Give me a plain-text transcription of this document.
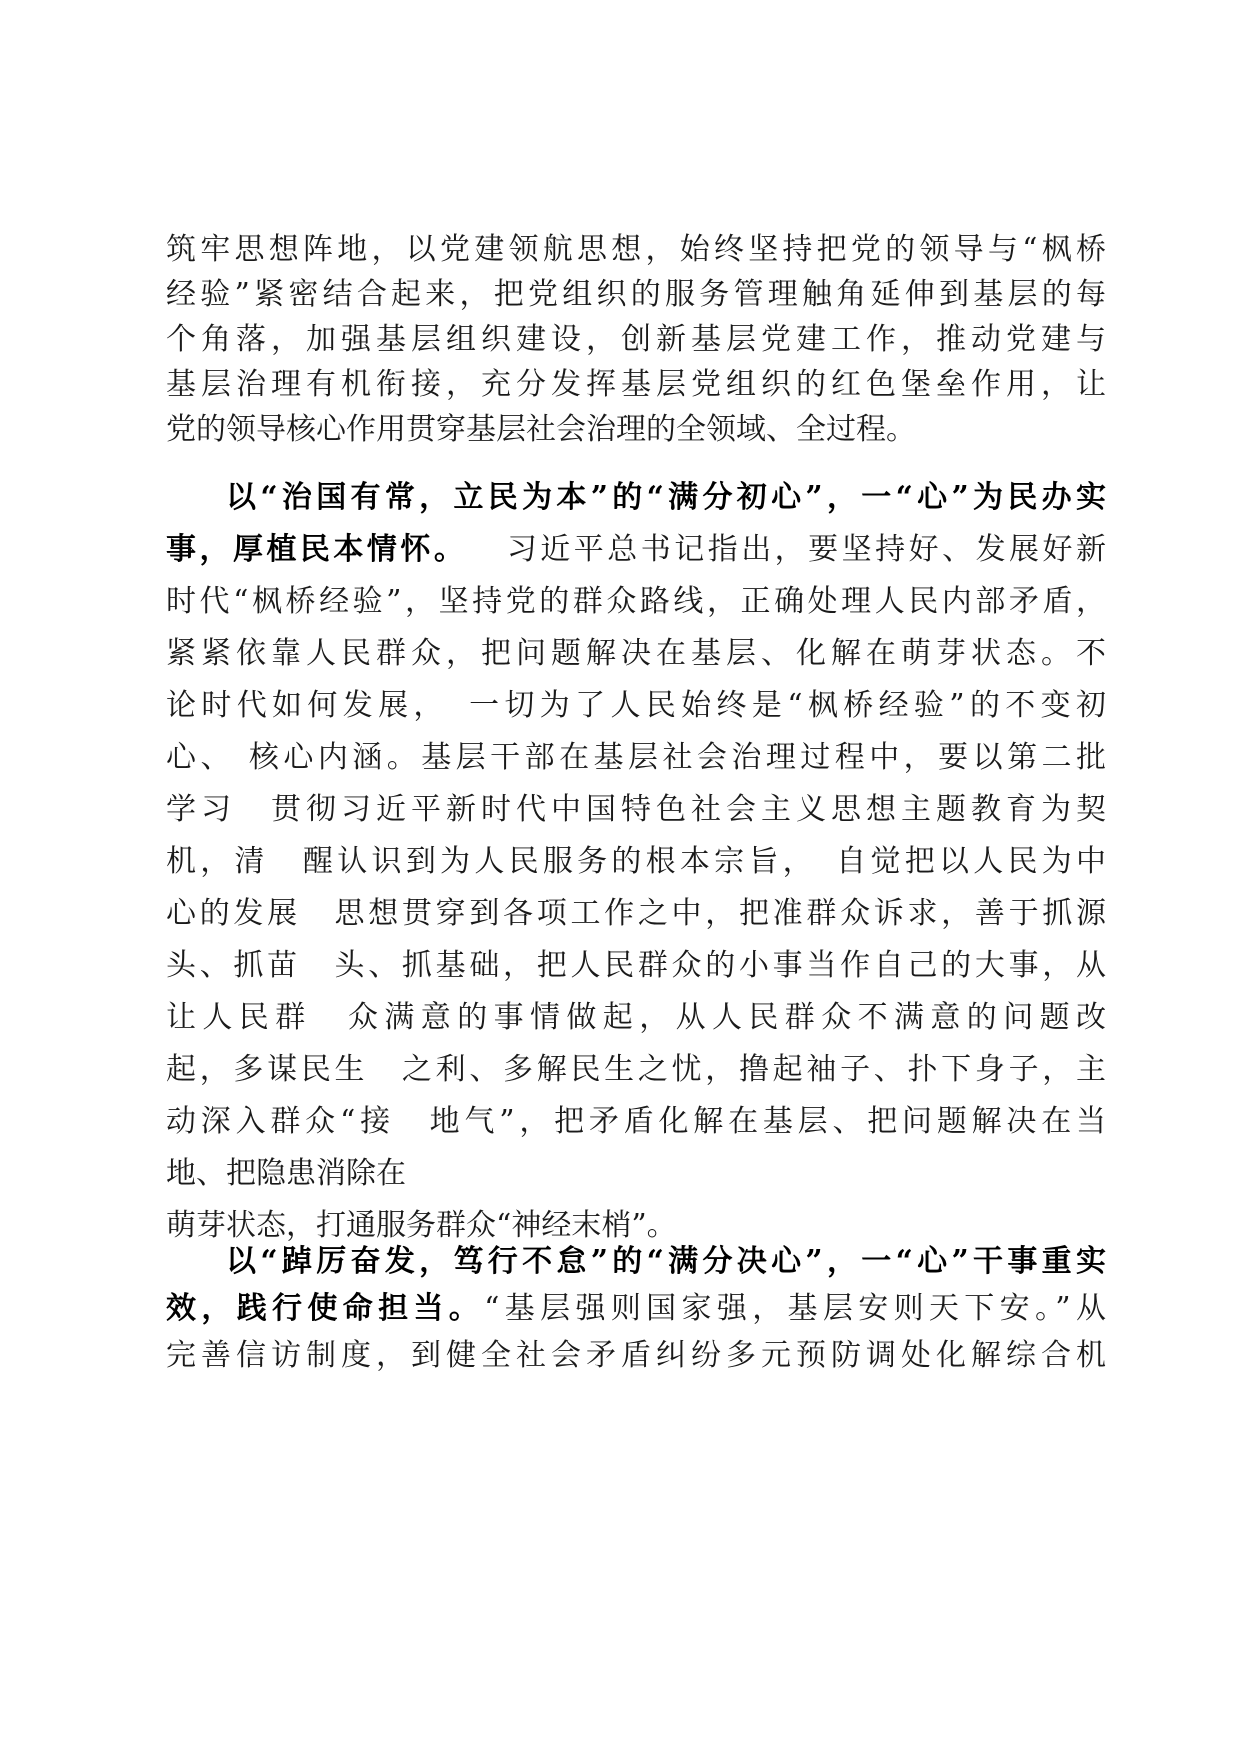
筑牢思想阵地，以党建领航思想，始终坚持把党的领导与“枫桥
经验”紧密结合起来，把党组织的服务管理触角延伸到基层的每
个角落，加强基层组织建设，创新基层党建工作，推动党建与
基层治理有机衔接，充分发挥基层党组织的红色堡垒作用，让
党的领导核心作用贯穿基层社会治理的全领域、全过程。
以“治国有常，立民为本”的“满分初心”，一“心”为民办实
事，厚植民本情怀。 习近平总书记指出，要坚持好、发展好新
时代“枫桥经验”，坚持党的群众路线，正确处理人民内部矛盾，
紧紧依靠人民群众，把问题解决在基层、化解在萌芽状态。不
论时代如何发展，　一切为了人民始终是“枫桥经验”的不变初
心、 核心内涵。基层干部在基层社会治理过程中，要以第二批
学习　贯彻习近平新时代中国特色社会主义思想主题教育为契
机，清　醒认识到为人民服务的根本宗旨，　自觉把以人民为中
心的发展　思想贯穿到各项工作之中，把准群众诉求，善于抓源
头、抓苗　头、抓基础，把人民群众的小事当作自己的大事，从
让人民群　众满意的事情做起，从人民群众不满意的问题改
起，多谋民生　之利、多解民生之忧，撸起袖子、扑下身子，主
动深入群众“接　地气”，把矛盾化解在基层、把问题解决在当
地、把隐患消除在
萌芽状态，打通服务群众“神经末梢”。
以“踔厉奋发，笃行不怠”的“满分决心”，一“心”干事重实
效，践行使命担当。“基层强则国家强，基层安则天下安。”从
完善信访制度，到健全社会矛盾纠纷多元预防调处化解综合机
